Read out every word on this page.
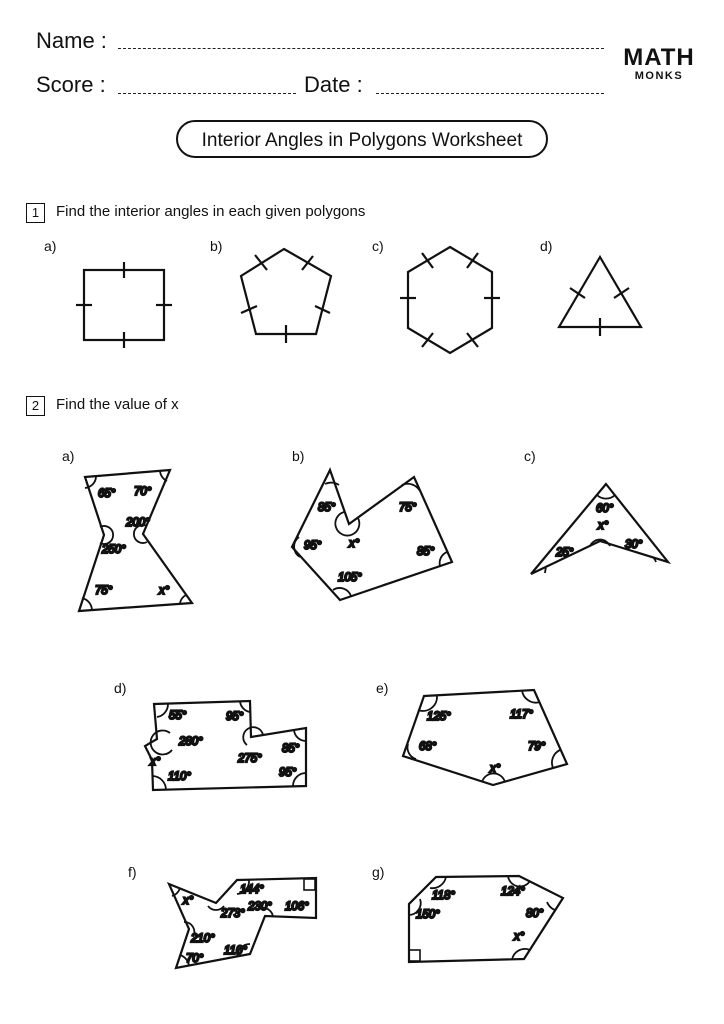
Name :
Score :	Date :
MATH
MONKS
Interior Angles in Polygons Worksheet
1	Find the interior angles in each given polygons
a)	b)	c)	d)
2	Find the value of x
a)	b)	c)
d)	e)
f)	g)
65° 70°
200°
250°
75°	x°
85°
x°
75°
95°	85°
105°
60°
x°
25°
30°
55°	95°
x°
280°
275°
85°
110°	95°
125°	117°
68°	79°
x°
144°
x°
273°
230° 106°
210°
110°
70°
118°	124°
150°	80°
x°
